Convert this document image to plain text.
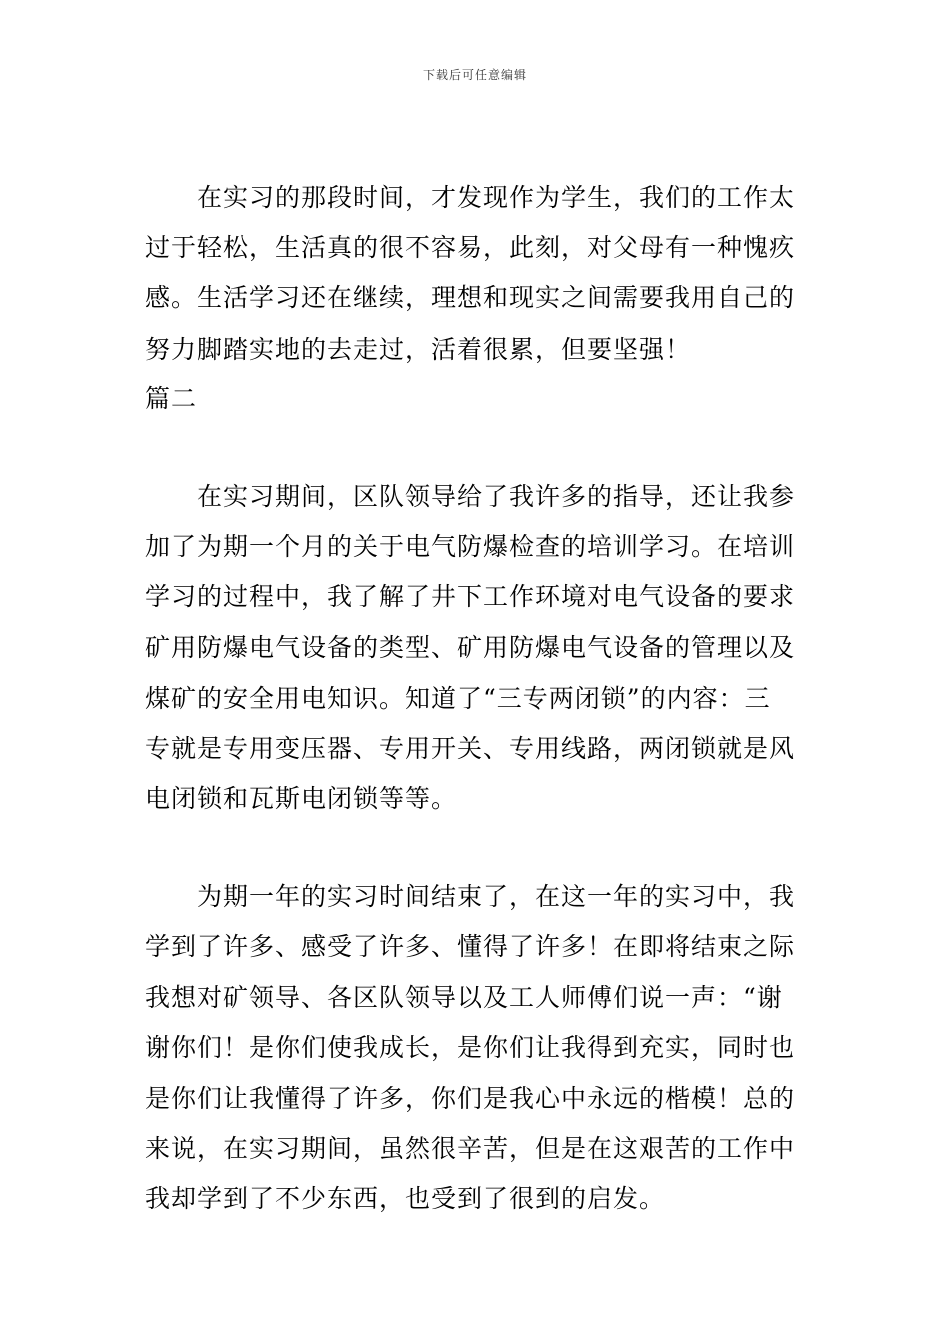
下载后可任意编辑
　　在实习的那段时间，才发现作为学生，我们的工作太
过于轻松，生活真的很不容易，此刻，对父母有一种愧疚
感。生活学习还在继续，理想和现实之间需要我用自己的
努力脚踏实地的去走过，活着很累，但要坚强！
篇二
　　在实习期间，区队领导给了我许多的指导，还让我参
加了为期一个月的关于电气防爆检查的培训学习。在培训
学习的过程中，我了解了井下工作环境对电气设备的要求
矿用防爆电气设备的类型、矿用防爆电气设备的管理以及
煤矿的安全用电知识。知道了“三专两闭锁”的内容：三
专就是专用变压器、专用开关、专用线路，两闭锁就是风
电闭锁和瓦斯电闭锁等等。
　　为期一年的实习时间结束了，在这一年的实习中，我
学到了许多、感受了许多、懂得了许多！在即将结束之际
我想对矿领导、各区队领导以及工人师傅们说一声：“谢
谢你们！是你们使我成长，是你们让我得到充实，同时也
是你们让我懂得了许多，你们是我心中永远的楷模！总的
来说，在实习期间，虽然很辛苦，但是在这艰苦的工作中
我却学到了不少东西，也受到了很到的启发。
